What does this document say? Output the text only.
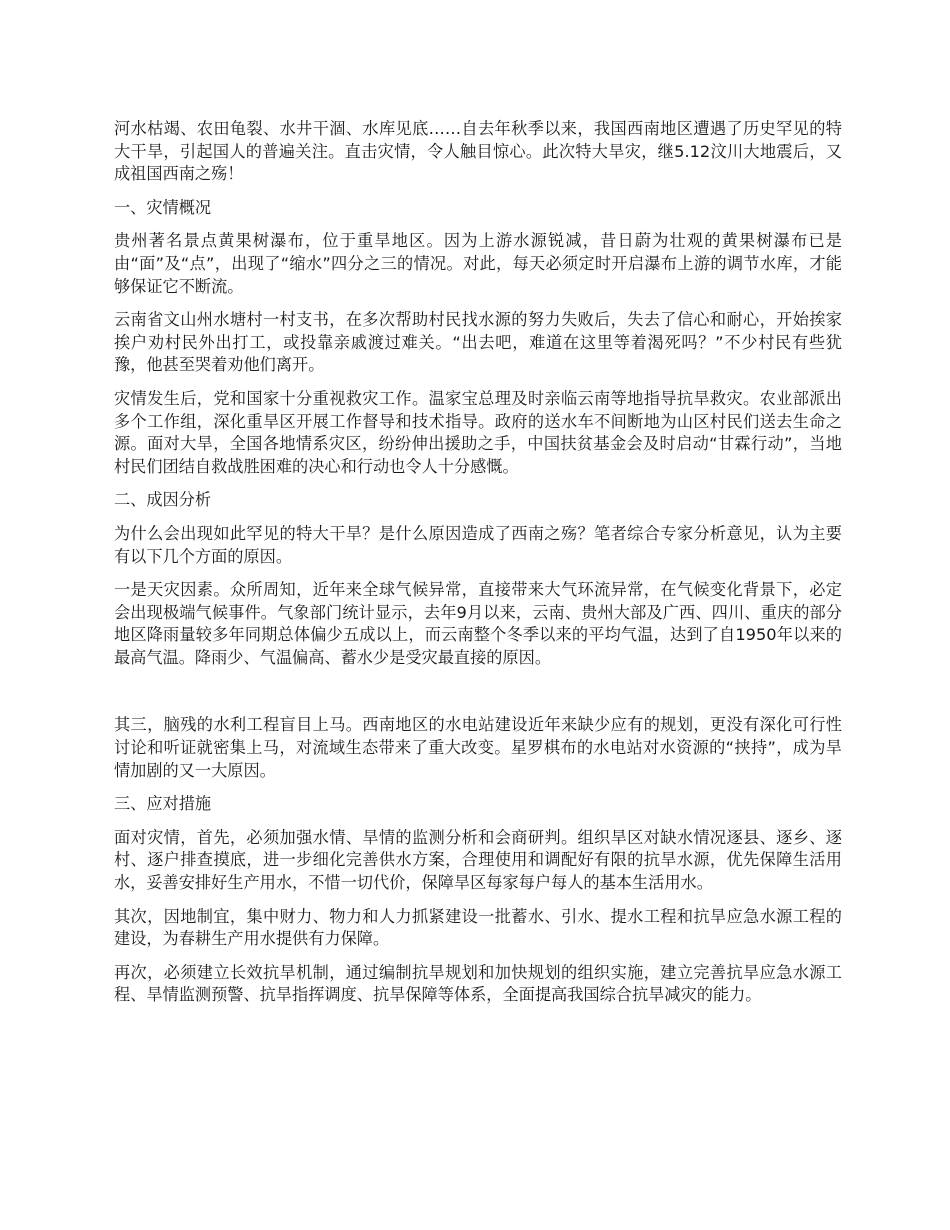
河水枯竭、农田龟裂、水井干涸、水库见底……自去年秋季以来，我国西南地区遭遇了历史罕见的特大干旱，引起国人的普遍关注。直击灾情，令人触目惊心。此次特大旱灾，继5.12汶川大地震后，又成祖国西南之殇！

一、灾情概况

贵州著名景点黄果树瀑布，位于重旱地区。因为上游水源锐减，昔日蔚为壮观的黄果树瀑布已是由“面”及“点”，出现了“缩水”四分之三的情况。对此，每天必须定时开启瀑布上游的调节水库，才能够保证它不断流。

云南省文山州水塘村一村支书，在多次帮助村民找水源的努力失败后，失去了信心和耐心，开始挨家挨户劝村民外出打工，或投靠亲戚渡过难关。“出去吧，难道在这里等着渴死吗？”不少村民有些犹豫，他甚至哭着劝他们离开。

灾情发生后，党和国家十分重视救灾工作。温家宝总理及时亲临云南等地指导抗旱救灾。农业部派出多个工作组，深化重旱区开展工作督导和技术指导。政府的送水车不间断地为山区村民们送去生命之源。面对大旱，全国各地情系灾区，纷纷伸出援助之手，中国扶贫基金会及时启动“甘霖行动”，当地村民们团结自救战胜困难的决心和行动也令人十分感慨。

二、成因分析

为什么会出现如此罕见的特大干旱？是什么原因造成了西南之殇？笔者综合专家分析意见，认为主要有以下几个方面的原因。

一是天灾因素。众所周知，近年来全球气候异常，直接带来大气环流异常，在气候变化背景下，必定会出现极端气候事件。气象部门统计显示，去年9月以来，云南、贵州大部及广西、四川、重庆的部分地区降雨量较多年同期总体偏少五成以上，而云南整个冬季以来的平均气温，达到了自1950年以来的最高气温。降雨少、气温偏高、蓄水少是受灾最直接的原因。

其三，脑残的水利工程盲目上马。西南地区的水电站建设近年来缺少应有的规划，更没有深化可行性讨论和听证就密集上马，对流域生态带来了重大改变。星罗棋布的水电站对水资源的“挟持”，成为旱情加剧的又一大原因。

三、应对措施

面对灾情，首先，必须加强水情、旱情的监测分析和会商研判。组织旱区对缺水情况逐县、逐乡、逐村、逐户排查摸底，进一步细化完善供水方案，合理使用和调配好有限的抗旱水源，优先保障生活用水，妥善安排好生产用水，不惜一切代价，保障旱区每家每户每人的基本生活用水。

其次，因地制宜，集中财力、物力和人力抓紧建设一批蓄水、引水、提水工程和抗旱应急水源工程的建设，为春耕生产用水提供有力保障。

再次，必须建立长效抗旱机制，通过编制抗旱规划和加快规划的组织实施，建立完善抗旱应急水源工程、旱情监测预警、抗旱指挥调度、抗旱保障等体系，全面提高我国综合抗旱减灾的能力。
